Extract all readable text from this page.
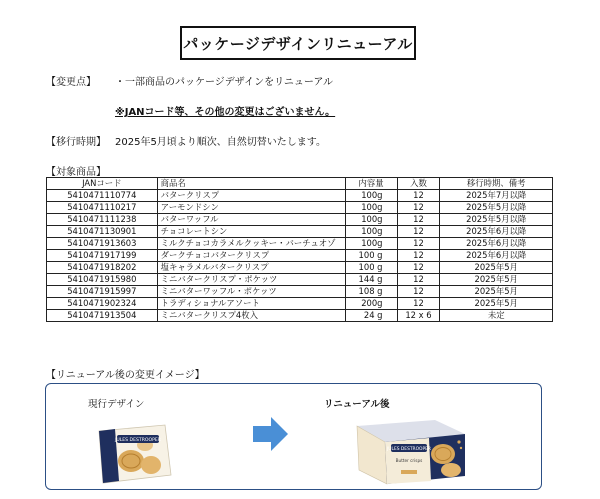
パッケージデザインリニューアル
【変更点】 ・一部商品のパッケージデザインをリニューアル
※JANコード等、その他の変更はございません。
【移行時期】 2025年5月頃より順次、自然切替いたします。
【対象商品】
JANコード	商品名	内容量	入数	移行時期、備考
5410471110774	バタークリスプ	100g	12	2025年7月以降
5410471110217	アーモンドシン	100g	12	2025年5月以降
5410471111238	バターワッフル	100g	12	2025年5月以降
5410471130901	チョコレートシン	100g	12	2025年6月以降
5410471913603	ミルクチョコカラメルクッキー・バーチュオゾ	100g	12	2025年6月以降
5410471917199	ダークチョコバタークリスプ	100 g	12	2025年6月以降
5410471918202	塩キャラメルバタークリスプ	100 g	12	2025年5月
5410471915980	ミニバタークリスプ・ポケッツ	144 g	12	2025年5月
5410471915997	ミニバターワッフル・ポケッツ	108 g	12	2025年5月
5410471902324	トラディショナルアソート	200g	12	2025年5月
5410471913504	ミニバタークリスプ4枚入	24 g	12 x 6	未定
【リニューアル後の変更イメージ】
現行デザイン	リニューアル後
JULES DESTROOPER
JULES DESTROOPER
Butter crisps
